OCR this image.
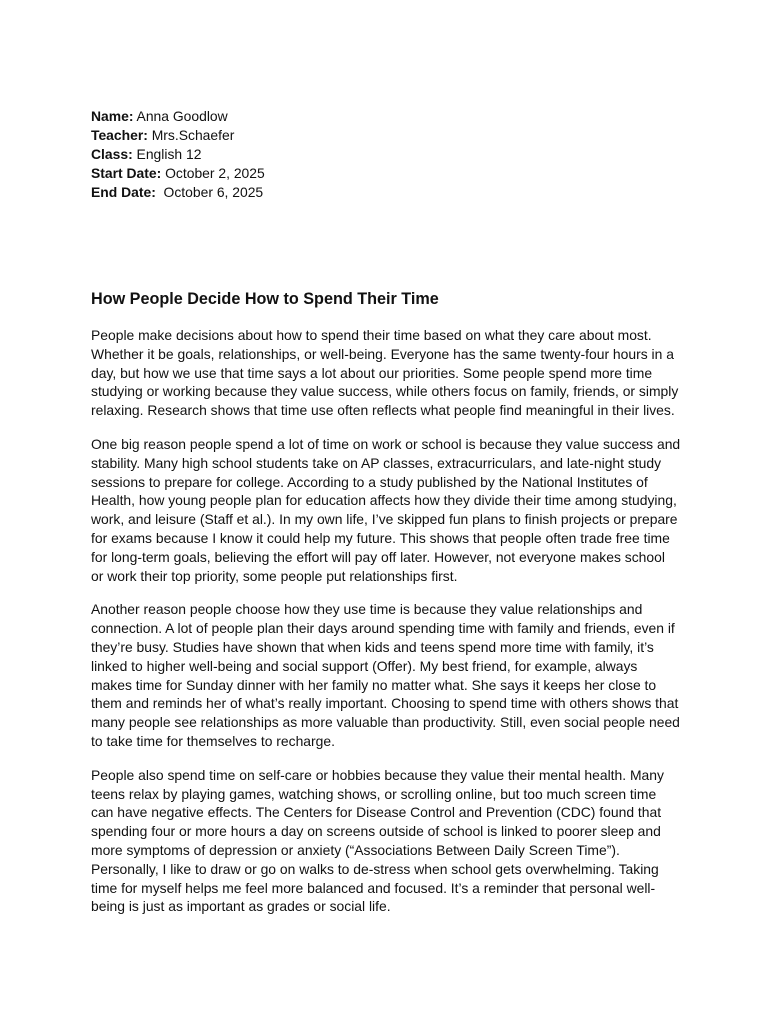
Name: Anna Goodlow
Teacher: Mrs.Schaefer
Class: English 12
Start Date: October 2, 2025
End Date:  October 6, 2025
How People Decide How to Spend Their Time

People make decisions about how to spend their time based on what they care about most. Whether it be goals, relationships, or well-being. Everyone has the same twenty-four hours in a day, but how we use that time says a lot about our priorities. Some people spend more time studying or working because they value success, while others focus on family, friends, or simply relaxing. Research shows that time use often reflects what people find meaningful in their lives.

One big reason people spend a lot of time on work or school is because they value success and stability. Many high school students take on AP classes, extracurriculars, and late-night study sessions to prepare for college. According to a study published by the National Institutes of Health, how young people plan for education affects how they divide their time among studying, work, and leisure (Staff et al.). In my own life, I’ve skipped fun plans to finish projects or prepare for exams because I know it could help my future. This shows that people often trade free time for long-term goals, believing the effort will pay off later. However, not everyone makes school or work their top priority, some people put relationships first.

Another reason people choose how they use time is because they value relationships and connection. A lot of people plan their days around spending time with family and friends, even if they’re busy. Studies have shown that when kids and teens spend more time with family, it’s linked to higher well-being and social support (Offer). My best friend, for example, always makes time for Sunday dinner with her family no matter what. She says it keeps her close to them and reminds her of what’s really important. Choosing to spend time with others shows that many people see relationships as more valuable than productivity. Still, even social people need to take time for themselves to recharge.

People also spend time on self-care or hobbies because they value their mental health. Many teens relax by playing games, watching shows, or scrolling online, but too much screen time can have negative effects. The Centers for Disease Control and Prevention (CDC) found that spending four or more hours a day on screens outside of school is linked to poorer sleep and more symptoms of depression or anxiety (“Associations Between Daily Screen Time”). Personally, I like to draw or go on walks to de-stress when school gets overwhelming. Taking time for myself helps me feel more balanced and focused. It’s a reminder that personal well-being is just as important as grades or social life.
